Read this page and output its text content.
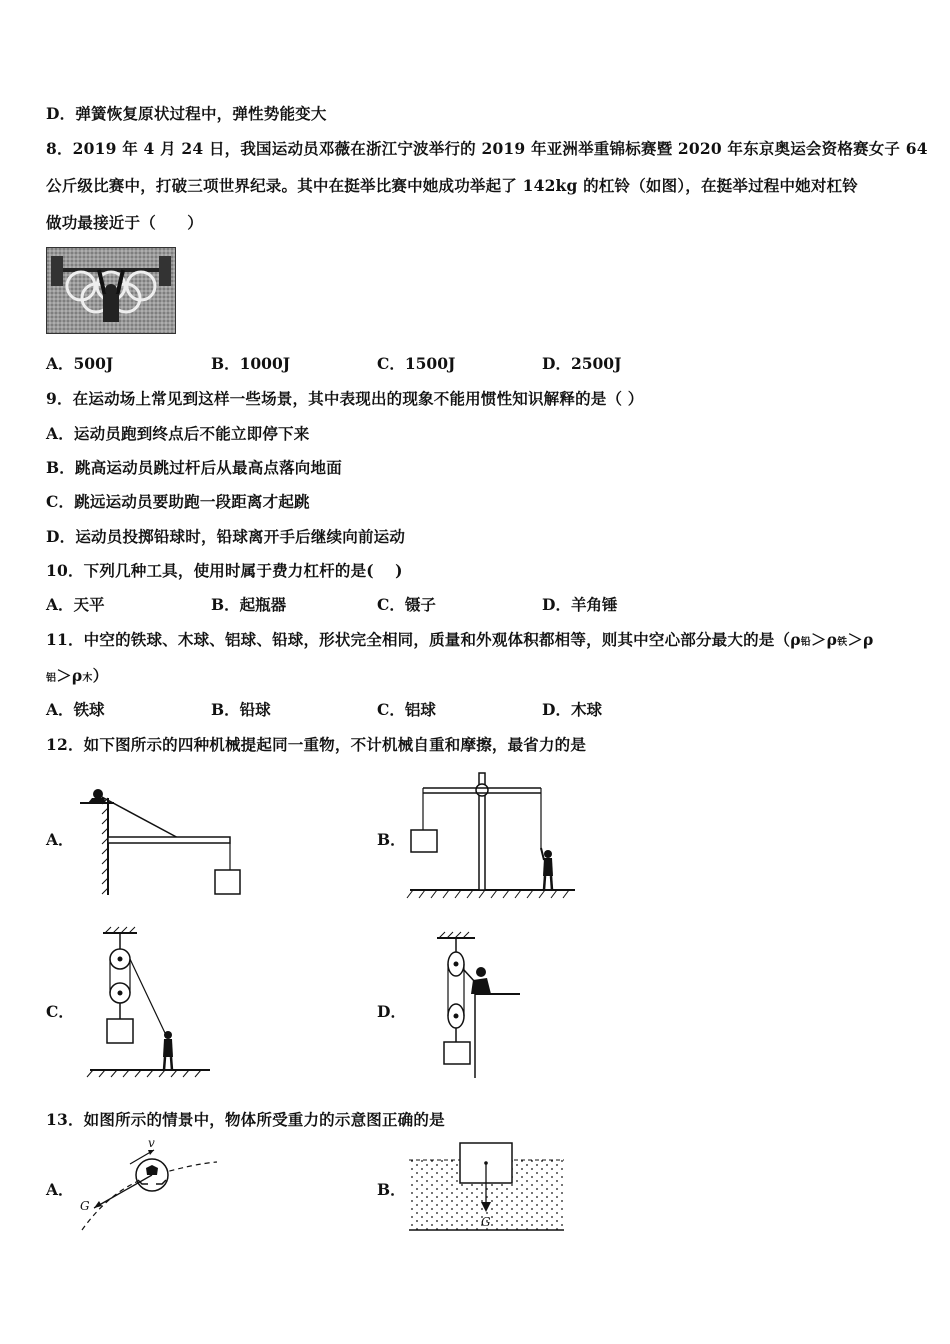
D．弹簧恢复原状过程中，弹性势能变大
8．2019 年 4 月 24 日，我国运动员邓薇在浙江宁波举行的 2019 年亚洲举重锦标赛暨 2020 年东京奥运会资格赛女子 64
公斤级比赛中，打破三项世界纪录。其中在挺举比赛中她成功举起了 142kg 的杠铃（如图），在挺举过程中她对杠铃
做功最接近于（　　）
A．500J	B．1000J	C．1500J	D．2500J
9．在运动场上常见到这样一些场景，其中表现出的现象不能用惯性知识解释的是（ ）
A．运动员跑到终点后不能立即停下来
B．跳高运动员跳过杆后从最高点落向地面
C．跳远运动员要助跑一段距离才起跳
D．运动员投掷铅球时，铅球离开手后继续向前运动
10．下列几种工具，使用时属于费力杠杆的是(　 )
A．天平	B．起瓶器	C．镊子	D．羊角锤
11．中空的铁球、木球、铝球、铅球，形状完全相同，质量和外观体积都相等，则其中空心部分最大的是（ρ铅＞ρ铁＞ρ
铝＞ρ木）
A．铁球	B．铅球	C．铝球	D．木球
12．如下图所示的四种机械提起同一重物，不计机械自重和摩擦，最省力的是
A．	B．
C．	D．
13．如图所示的情景中，物体所受重力的示意图正确的是
A．
v
G
B．
G
